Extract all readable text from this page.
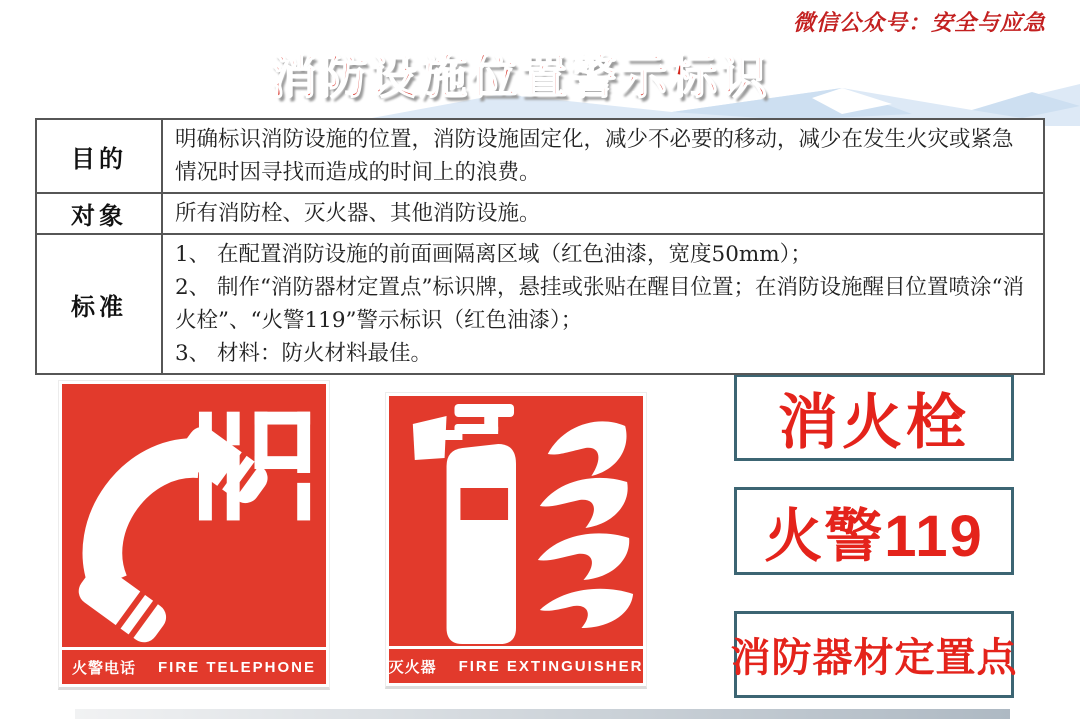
微信公众号：安全与应急
消防设施位置警示标识
目的	明确标识消防设施的位置，消防设施固定化，减少不必要的移动，减少在发生火灾或紧急情况时因寻找而造成的时间上的浪费。
对象	所有消防栓、灭火器、其他消防设施。
标准	1、 在配置消防设施的前面画隔离区域（红色油漆，宽度50mm）；
2、 制作“消防器材定置点”标识牌，悬挂或张贴在醒目位置；在消防设施醒目位置喷涂“消火栓”、“火警119”警示标识（红色油漆）；
3、 材料：防火材料最佳。
火警电话 FIRE TELEPHONE	灭火器 FIRE EXTINGUISHER
消火栓
火警119
消防器材定置点
